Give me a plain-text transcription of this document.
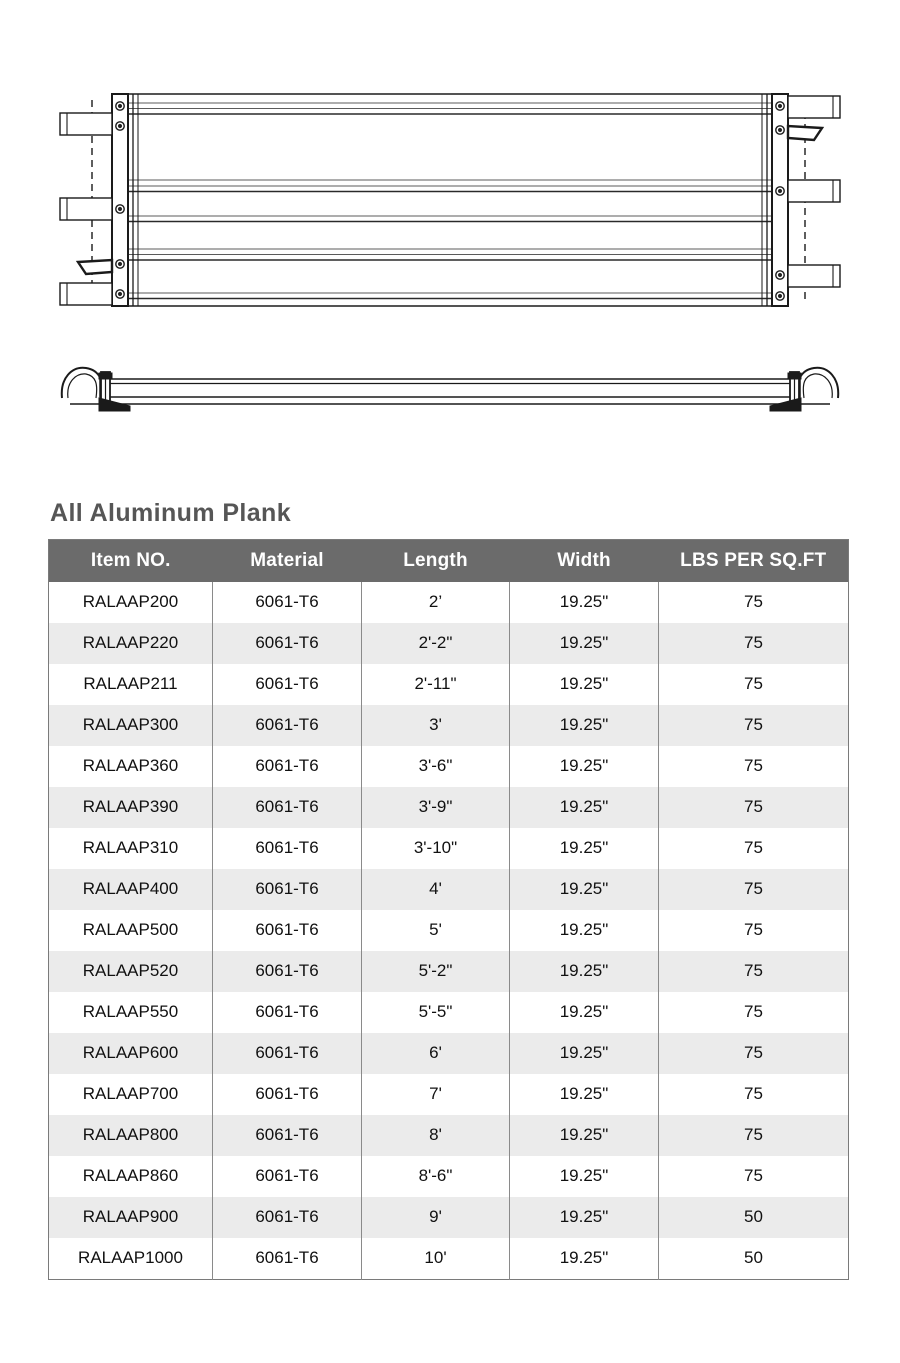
All Aluminum Plank
Item NO.	Material	Length	Width	LBS PER SQ.FT
RALAAP200	6061-T6	2’	19.25"	75
RALAAP220	6061-T6	2'-2"	19.25"	75
RALAAP211	6061-T6	2'-11"	19.25"	75
RALAAP300	6061-T6	3'	19.25"	75
RALAAP360	6061-T6	3'-6"	19.25"	75
RALAAP390	6061-T6	3'-9"	19.25"	75
RALAAP310	6061-T6	3'-10"	19.25"	75
RALAAP400	6061-T6	4'	19.25"	75
RALAAP500	6061-T6	5'	19.25"	75
RALAAP520	6061-T6	5'-2"	19.25"	75
RALAAP550	6061-T6	5'-5"	19.25"	75
RALAAP600	6061-T6	6'	19.25"	75
RALAAP700	6061-T6	7'	19.25"	75
RALAAP800	6061-T6	8'	19.25"	75
RALAAP860	6061-T6	8'-6"	19.25"	75
RALAAP900	6061-T6	9'	19.25"	50
RALAAP1000	6061-T6	10'	19.25"	50
